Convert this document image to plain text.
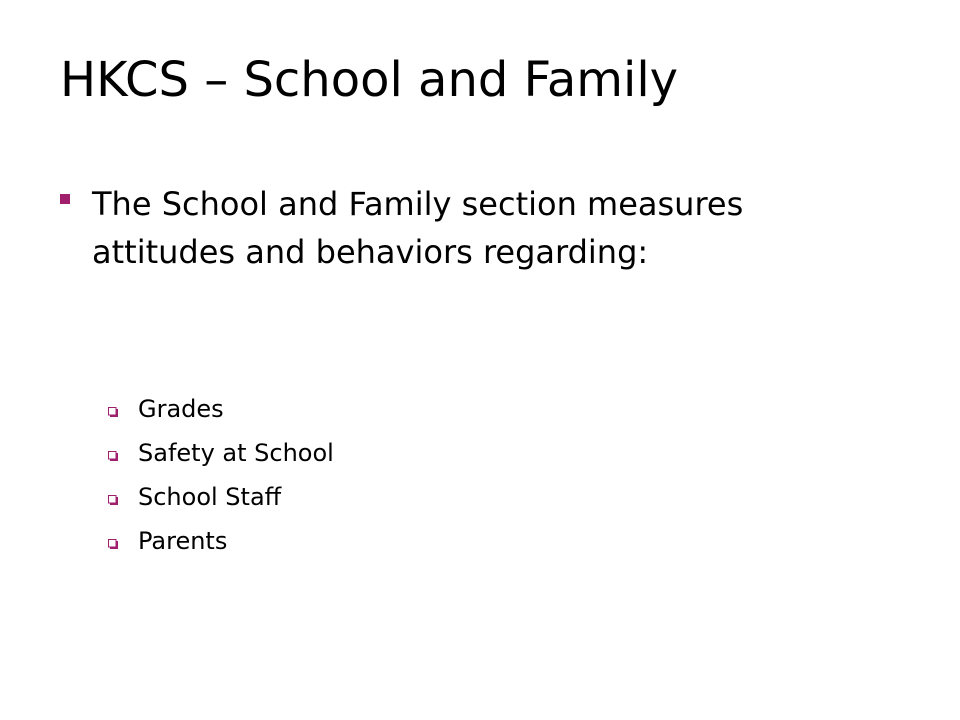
HKCS – School and Family
The School and Family section measures attitudes and behaviors regarding:
Grades
Safety at School
School Staff
Parents
